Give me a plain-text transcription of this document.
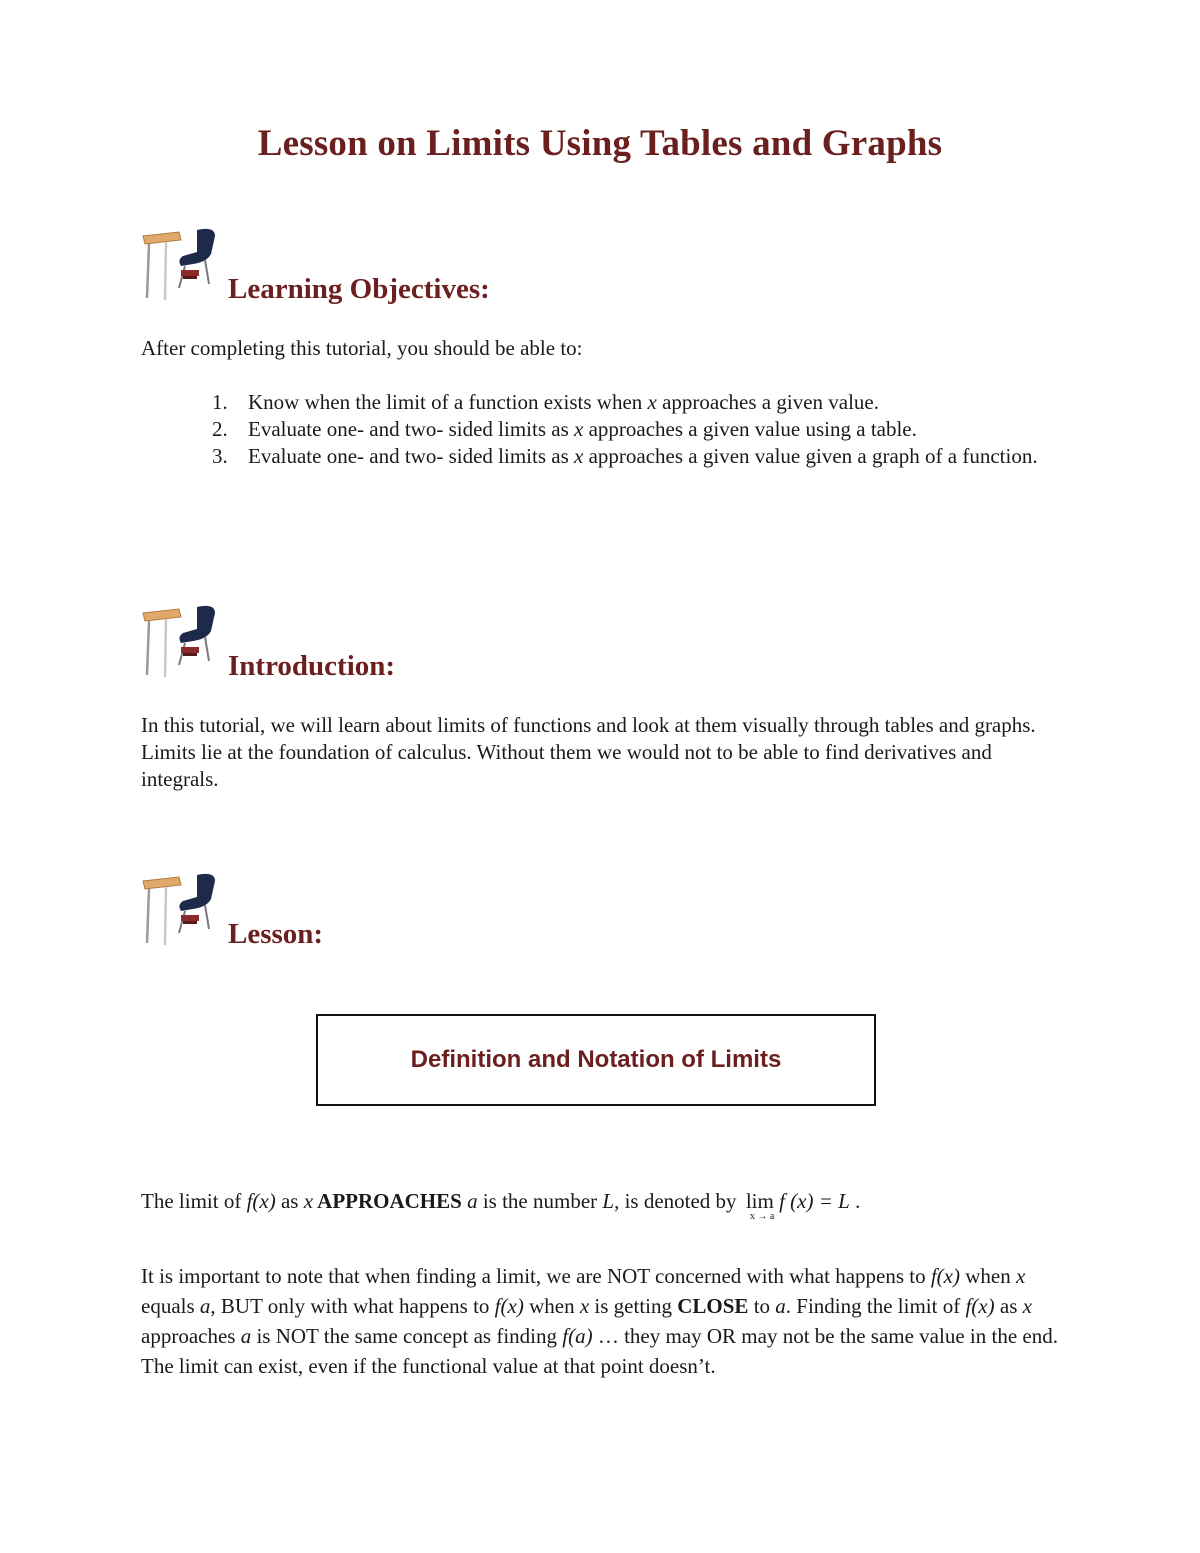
Lesson on Limits Using Tables and Graphs
Learning Objectives:
After completing this tutorial, you should be able to:
1. Know when the limit of a function exists when x approaches a given value.
2. Evaluate one- and two- sided limits as x approaches a given value using a table.
3. Evaluate one- and two- sided limits as x approaches a given value given a graph of a function.
Introduction:
In this tutorial, we will learn about limits of functions and look at them visually through tables and graphs. Limits lie at the foundation of calculus. Without them we would not to be able to find derivatives and integrals.
Lesson:
Definition and Notation of Limits
The limit of f(x) as x APPROACHES a is the number L, is denoted by lim
x → a
f (x) = L .
It is important to note that when finding a limit, we are NOT concerned with what happens to f(x) when x equals a, BUT only with what happens to f(x) when x is getting CLOSE to a. Finding the limit of f(x) as x approaches a is NOT the same concept as finding f(a) … they may OR may not be the same value in the end. The limit can exist, even if the functional value at that point doesn’t.
